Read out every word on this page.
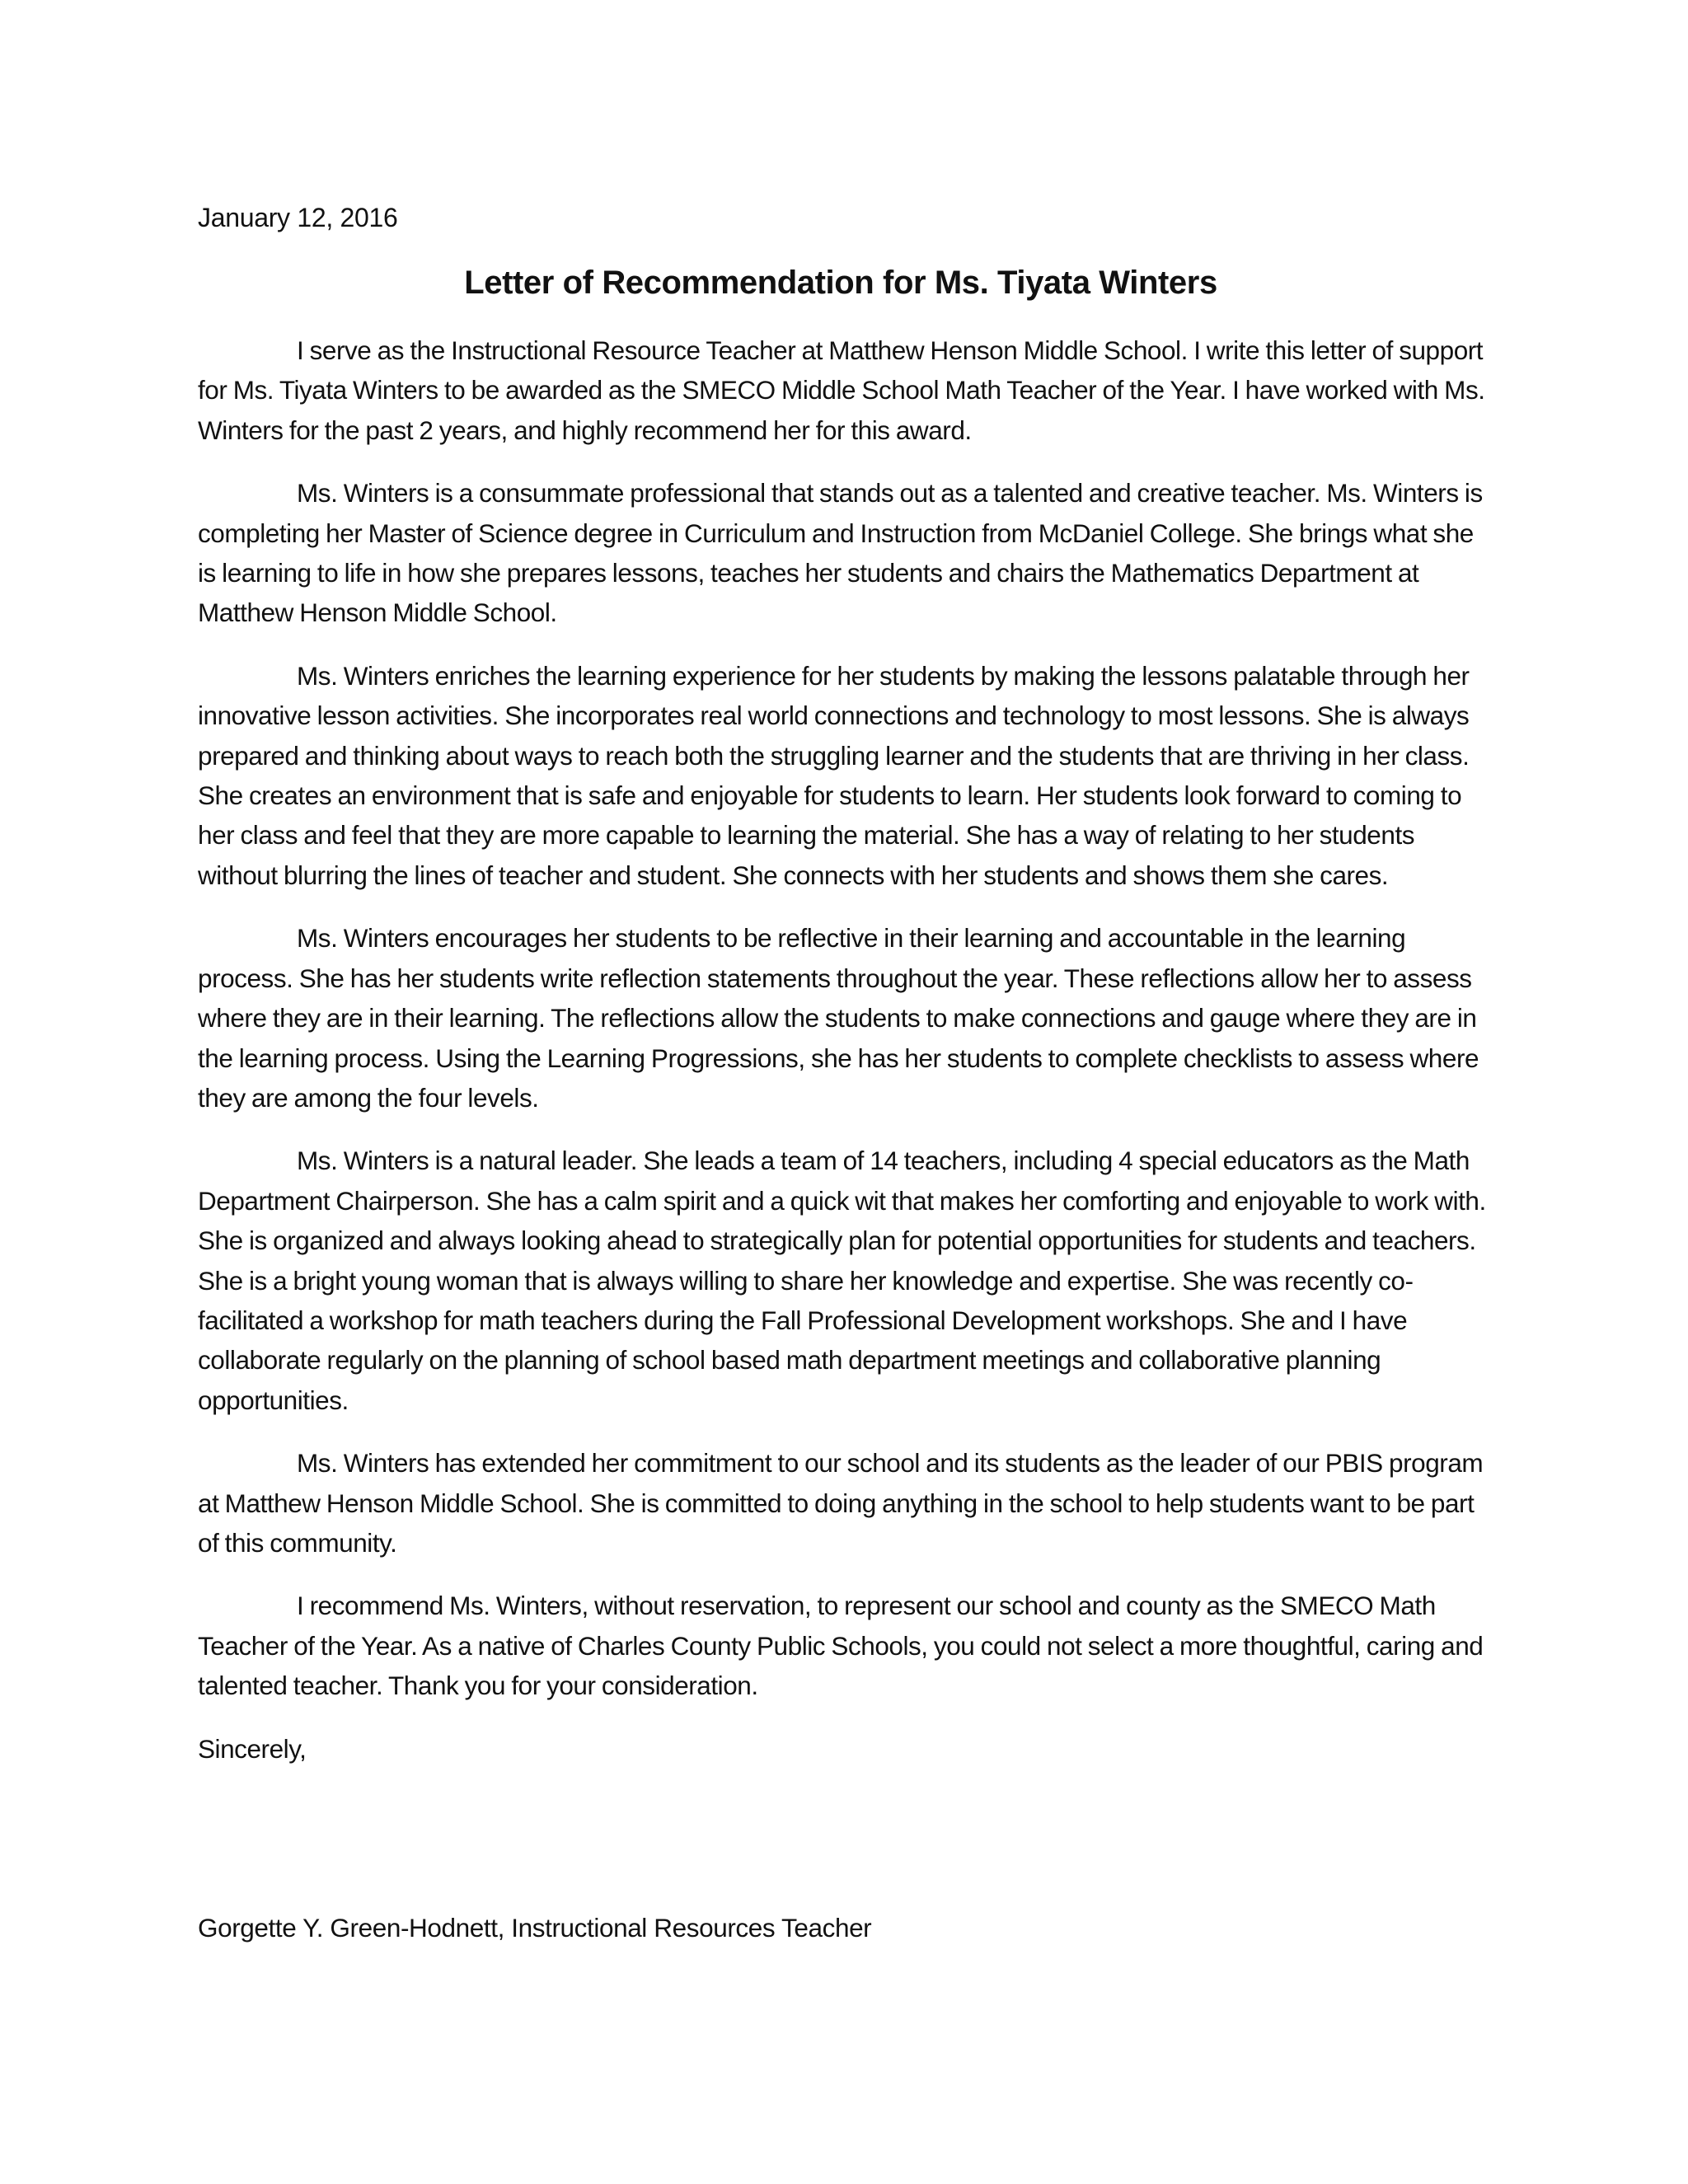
January 12, 2016
Letter of Recommendation for Ms. Tiyata Winters

I serve as the Instructional Resource Teacher at Matthew Henson Middle School. I write this letter of support for Ms. Tiyata Winters to be awarded as the SMECO Middle School Math Teacher of the Year. I have worked with Ms. Winters for the past 2 years, and highly recommend her for this award.

Ms. Winters is a consummate professional that stands out as a talented and creative teacher. Ms. Winters is completing her Master of Science degree in Curriculum and Instruction from McDaniel College. She brings what she is learning to life in how she prepares lessons, teaches her students and chairs the Mathematics Department at Matthew Henson Middle School.

Ms. Winters enriches the learning experience for her students by making the lessons palatable through her innovative lesson activities. She incorporates real world connections and technology to most lessons. She is always prepared and thinking about ways to reach both the struggling learner and the students that are thriving in her class. She creates an environment that is safe and enjoyable for students to learn. Her students look forward to coming to her class and feel that they are more capable to learning the material. She has a way of relating to her students without blurring the lines of teacher and student. She connects with her students and shows them she cares.

Ms. Winters encourages her students to be reflective in their learning and accountable in the learning process. She has her students write reflection statements throughout the year. These reflections allow her to assess where they are in their learning. The reflections allow the students to make connections and gauge where they are in the learning process. Using the Learning Progressions, she has her students to complete checklists to assess where they are among the four levels.

Ms. Winters is a natural leader. She leads a team of 14 teachers, including 4 special educators as the Math Department Chairperson. She has a calm spirit and a quick wit that makes her comforting and enjoyable to work with. She is organized and always looking ahead to strategically plan for potential opportunities for students and teachers. She is a bright young woman that is always willing to share her knowledge and expertise. She was recently co-facilitated a workshop for math teachers during the Fall Professional Development workshops. She and I have collaborate regularly on the planning of school based math department meetings and collaborative planning opportunities.

Ms. Winters has extended her commitment to our school and its students as the leader of our PBIS program at Matthew Henson Middle School. She is committed to doing anything in the school to help students want to be part of this community.

I recommend Ms. Winters, without reservation, to represent our school and county as the SMECO Math Teacher of the Year. As a native of Charles County Public Schools, you could not select a more thoughtful, caring and talented teacher. Thank you for your consideration.

Sincerely,

Gorgette Y. Green-Hodnett, Instructional Resources Teacher
